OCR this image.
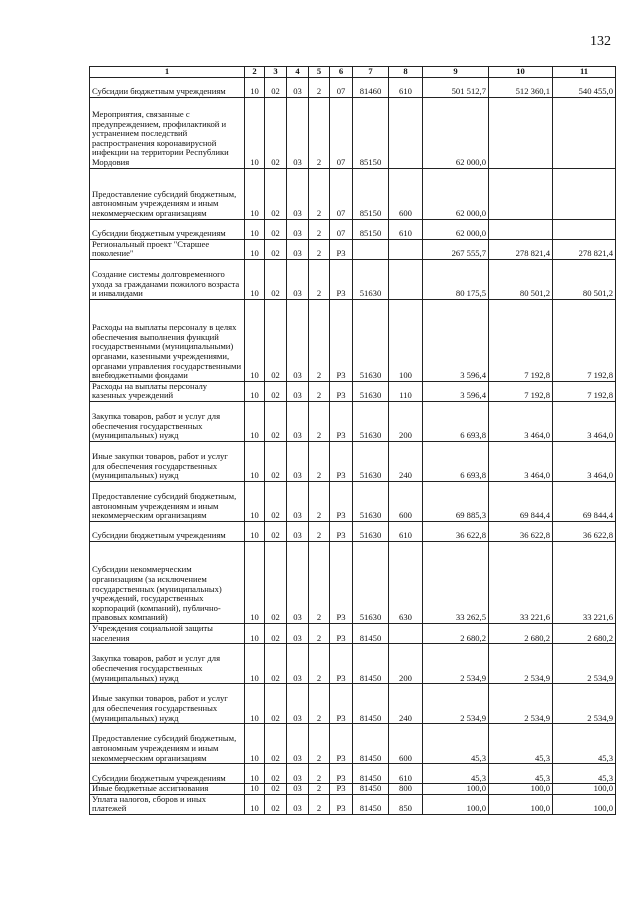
132
1	2	3	4	5	6	7	8	9	10	11
Субсидии бюджетным учреждениям	10	02	03	2	07	81460	610	501 512,7	512 360,1	540 455,0
Мероприятия, связанные с предупреждением, профилактикой и устранением последствий распространения коронавирусной инфекции на территории Республики Мордовия	10	02	03	2	07	85150		62 000,0		
Предоставление субсидий бюджетным, автономным учреждениям и иным некоммерческим организациям	10	02	03	2	07	85150	600	62 000,0		
Субсидии бюджетным учреждениям	10	02	03	2	07	85150	610	62 000,0		
Региональный проект "Старшее поколение"	10	02	03	2	Р3			267 555,7	278 821,4	278 821,4
Создание системы долговременного ухода за гражданами пожилого возраста и инвалидами	10	02	03	2	Р3	51630		80 175,5	80 501,2	80 501,2
Расходы на выплаты персоналу в целях обеспечения выполнения функций государственными (муниципальными) органами, казенными учреждениями, органами управления государственными внебюджетными фондами	10	02	03	2	Р3	51630	100	3 596,4	7 192,8	7 192,8
Расходы на выплаты персоналу казенных учреждений	10	02	03	2	Р3	51630	110	3 596,4	7 192,8	7 192,8
Закупка товаров, работ и услуг для обеспечения государственных (муниципальных) нужд	10	02	03	2	Р3	51630	200	6 693,8	3 464,0	3 464,0
Иные закупки товаров, работ и услуг для обеспечения государственных (муниципальных) нужд	10	02	03	2	Р3	51630	240	6 693,8	3 464,0	3 464,0
Предоставление субсидий бюджетным, автономным учреждениям и иным некоммерческим организациям	10	02	03	2	Р3	51630	600	69 885,3	69 844,4	69 844,4
Субсидии бюджетным учреждениям	10	02	03	2	Р3	51630	610	36 622,8	36 622,8	36 622,8
Субсидии некоммерческим организациям (за исключением государственных (муниципальных) учреждений, государственных корпораций (компаний), публично-правовых компаний)	10	02	03	2	Р3	51630	630	33 262,5	33 221,6	33 221,6
Учреждения социальной защиты населения	10	02	03	2	Р3	81450		2 680,2	2 680,2	2 680,2
Закупка товаров, работ и услуг для обеспечения государственных (муниципальных) нужд	10	02	03	2	Р3	81450	200	2 534,9	2 534,9	2 534,9
Иные закупки товаров, работ и услуг для обеспечения государственных (муниципальных) нужд	10	02	03	2	Р3	81450	240	2 534,9	2 534,9	2 534,9
Предоставление субсидий бюджетным, автономным учреждениям и иным некоммерческим организациям	10	02	03	2	Р3	81450	600	45,3	45,3	45,3
Субсидии бюджетным учреждениям	10	02	03	2	Р3	81450	610	45,3	45,3	45,3
Иные бюджетные ассигнования	10	02	03	2	Р3	81450	800	100,0	100,0	100,0
Уплата налогов, сборов и иных платежей	10	02	03	2	Р3	81450	850	100,0	100,0	100,0
